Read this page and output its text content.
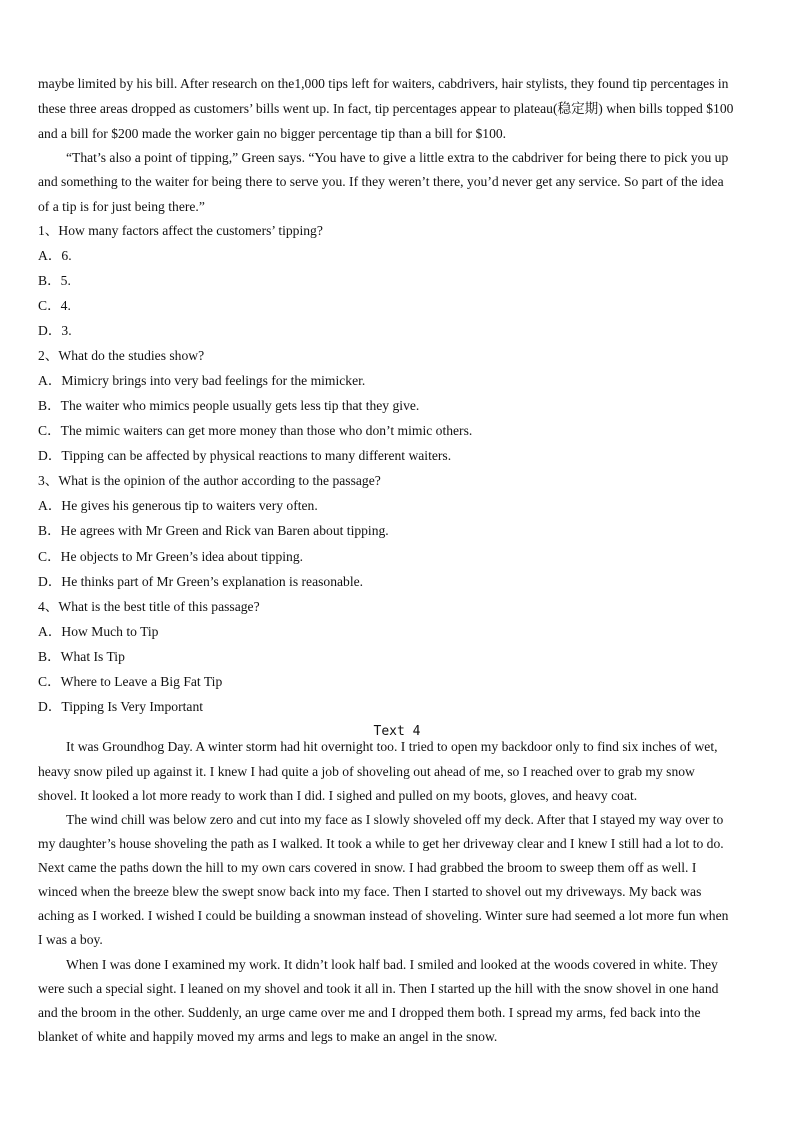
maybe limited by his bill. After research on the1,000 tips left for waiters, cabdrivers, hair stylists, they found tip percentages in
these three areas dropped as customers’ bills went up. In fact, tip percentages appear to plateau(稳定期) when bills topped $100
and a bill for $200 made the worker gain no bigger percentage tip than a bill for $100.
“That’s also a point of tipping,” Green says. “You have to give a little extra to the cabdriver for being there to pick you up
and something to the waiter for being there to serve you. If they weren’t there, you’d never get any service. So part of the idea
of a tip is for just being there.”
1、How many factors affect the customers’ tipping?
A．6.
B．5.
C．4.
D．3.
2、What do the studies show?
A．Mimicry brings into very bad feelings for the mimicker.
B．The waiter who mimics people usually gets less tip that they give.
C．The mimic waiters can get more money than those who don’t mimic others.
D．Tipping can be affected by physical reactions to many different waiters.
3、What is the opinion of the author according to the passage?
A．He gives his generous tip to waiters very often.
B．He agrees with Mr Green and Rick van Baren about tipping.
C．He objects to Mr Green’s idea about tipping.
D．He thinks part of Mr Green’s explanation is reasonable.
4、What is the best title of this passage?
A．How Much to Tip
B．What Is Tip
C．Where to Leave a Big Fat Tip
D．Tipping Is Very Important
Text 4
It was Groundhog Day. A winter storm had hit overnight too. I tried to open my backdoor only to find six inches of wet,
heavy snow piled up against it. I knew I had quite a job of shoveling out ahead of me, so I reached over to grab my snow
shovel. It looked a lot more ready to work than I did. I sighed and pulled on my boots, gloves, and heavy coat.
The wind chill was below zero and cut into my face as I slowly shoveled off my deck. After that I stayed my way over to
my daughter’s house shoveling the path as I walked. It took a while to get her driveway clear and I knew I still had a lot to do.
Next came the paths down the hill to my own cars covered in snow. I had grabbed the broom to sweep them off as well. I
winced when the breeze blew the swept snow back into my face. Then I started to shovel out my driveways. My back was
aching as I worked. I wished I could be building a snowman instead of shoveling. Winter sure had seemed a lot more fun when
I was a boy.
When I was done I examined my work. It didn’t look half bad. I smiled and looked at the woods covered in white. They
were such a special sight. I leaned on my shovel and took it all in. Then I started up the hill with the snow shovel in one hand
and the broom in the other. Suddenly, an urge came over me and I dropped them both. I spread my arms, fed back into the
blanket of white and happily moved my arms and legs to make an angel in the snow.
